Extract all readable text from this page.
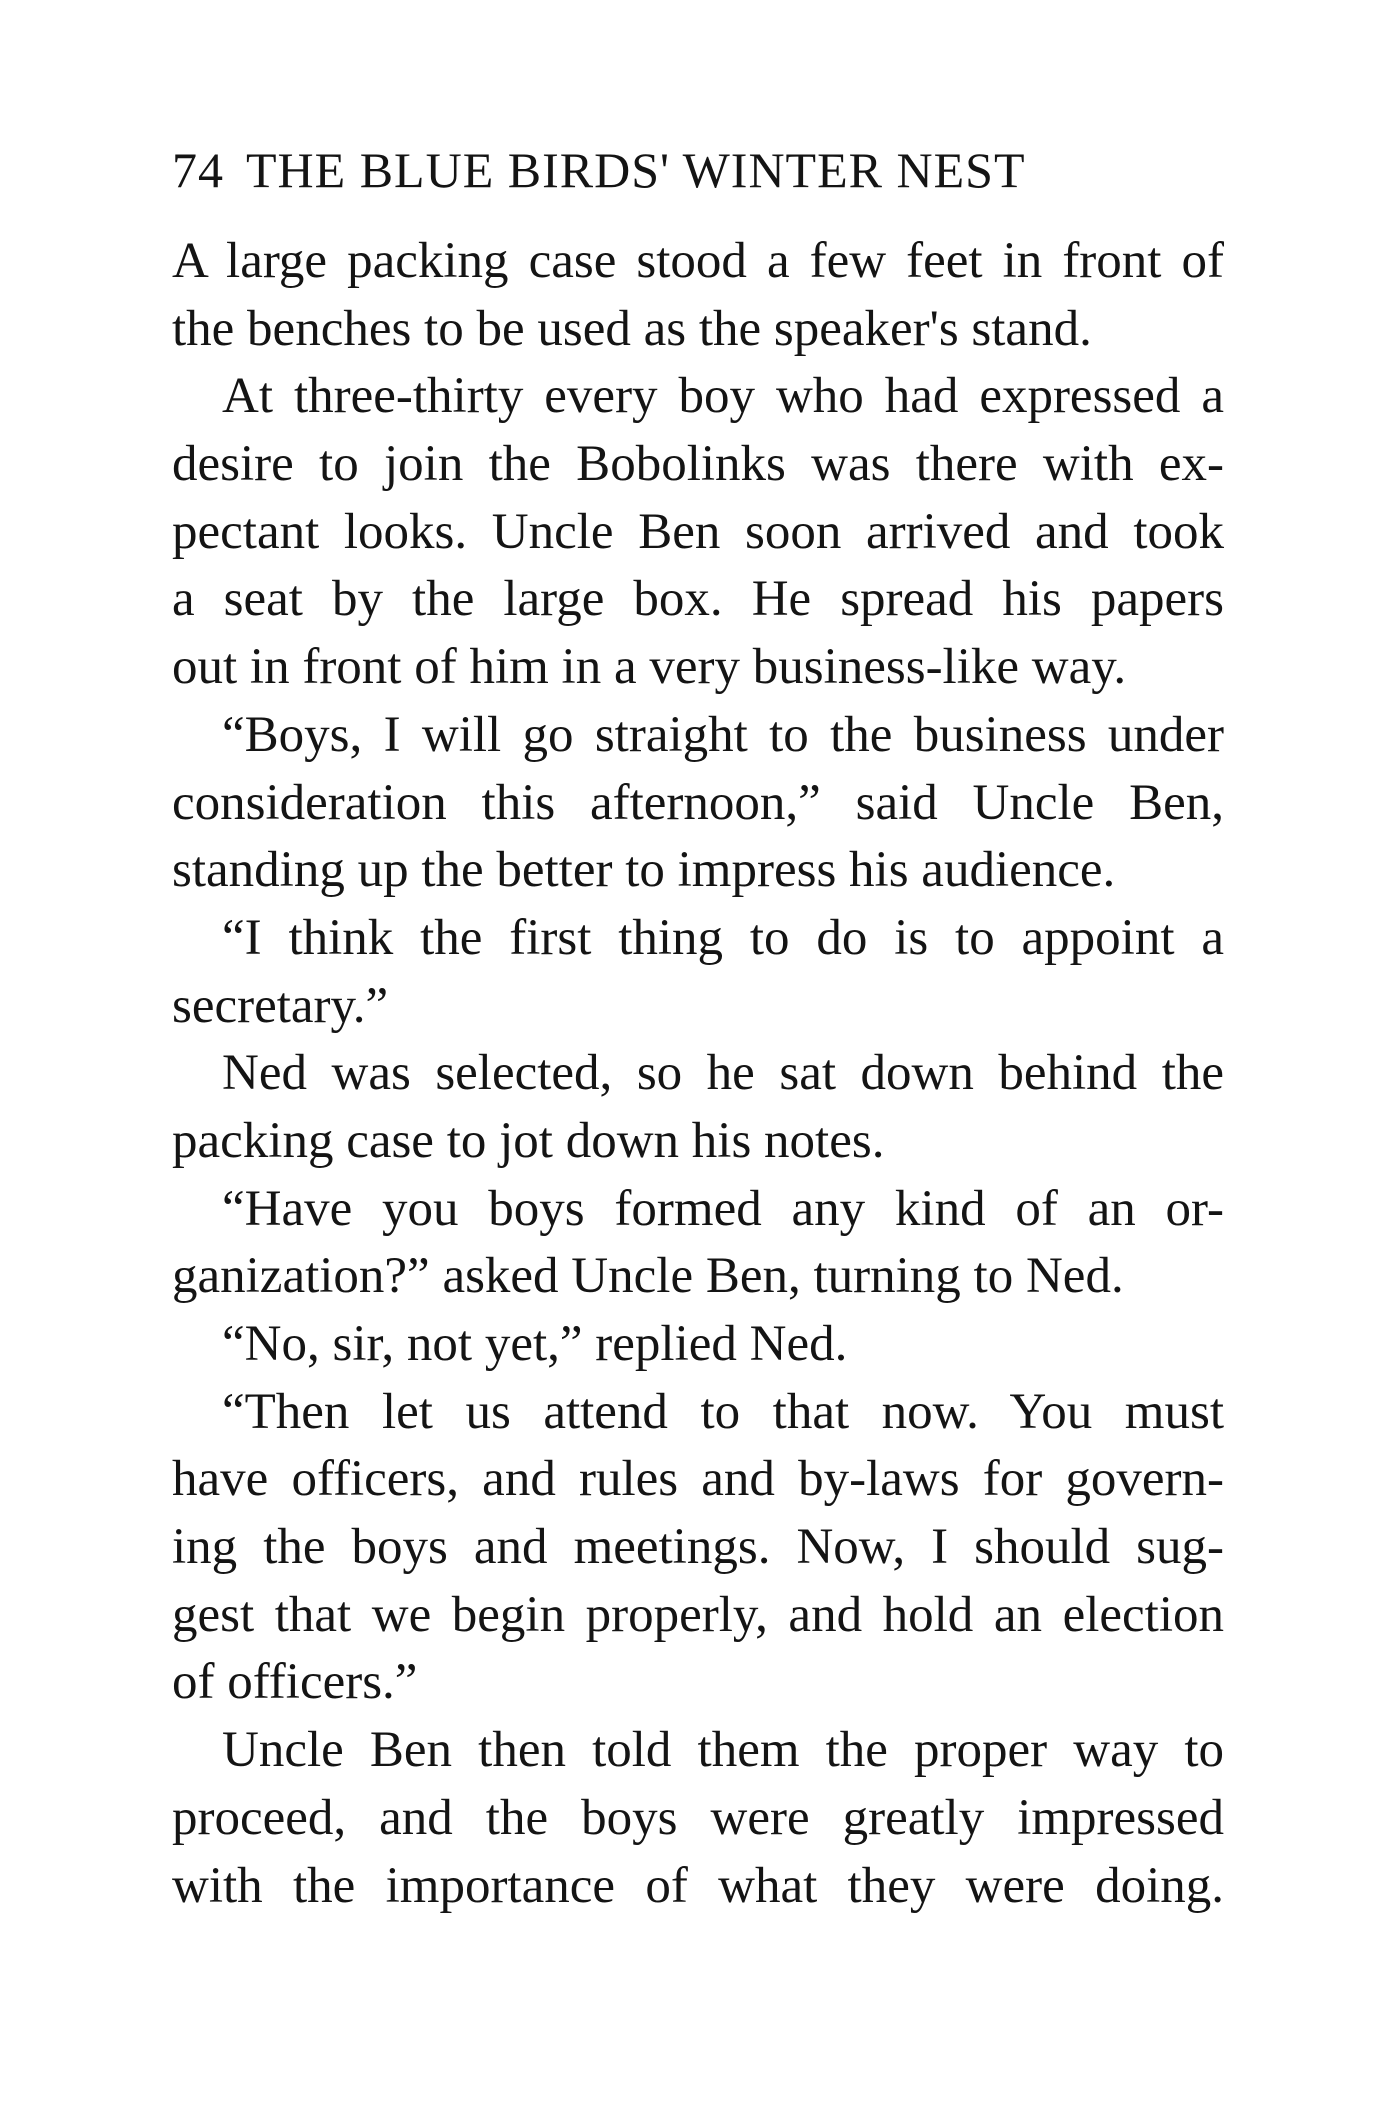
74 THE BLUE BIRDS' WINTER NEST
A large packing case stood a few feet in front of
the benches to be used as the speaker's stand.
At three-thirty every boy who had expressed a
desire to join the Bobolinks was there with ex-
pectant looks. Uncle Ben soon arrived and took
a seat by the large box. He spread his papers
out in front of him in a very business-like way.
“Boys, I will go straight to the business under
consideration this afternoon,” said Uncle Ben,
standing up the better to impress his audience.
“I think the first thing to do is to appoint a
secretary.”
Ned was selected, so he sat down behind the
packing case to jot down his notes.
“Have you boys formed any kind of an or-
ganization?” asked Uncle Ben, turning to Ned.
“No, sir, not yet,” replied Ned.
“Then let us attend to that now. You must
have officers, and rules and by-laws for govern-
ing the boys and meetings. Now, I should sug-
gest that we begin properly, and hold an election
of officers.”
Uncle Ben then told them the proper way to
proceed, and the boys were greatly impressed
with the importance of what they were doing.
